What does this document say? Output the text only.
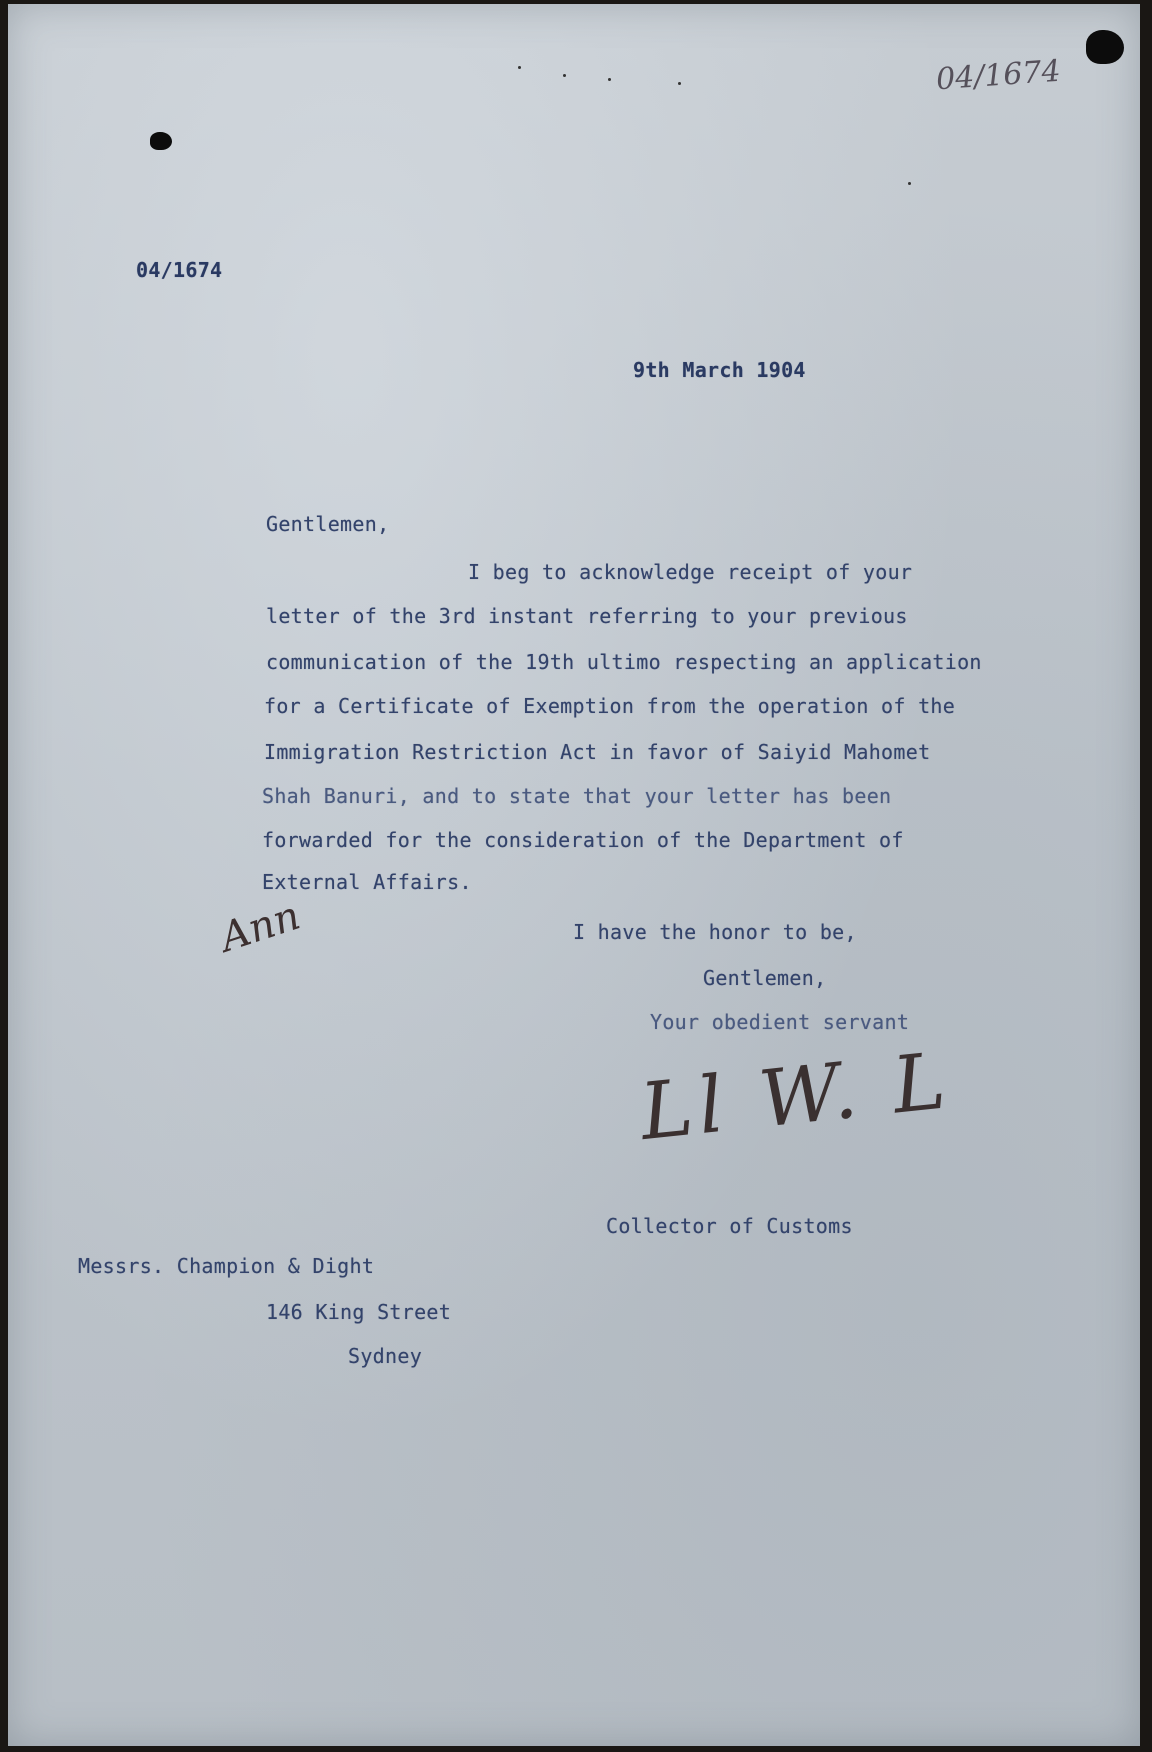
04/1674
04/1674
9th March 1904
Gentlemen,
I beg to acknowledge receipt of your
letter of the 3rd instant referring to your previous
communication of the 19th ultimo respecting an application
for a Certificate of Exemption from the operation of the
Immigration Restriction Act in favor of Saiyid Mahomet
Shah Banuri, and to state that your letter has been
forwarded for the consideration of the Department of
External Affairs.
Ann	I have the honor to be,
Gentlemen,
Your obedient servant
Ll W. L
Collector of Customs
Messrs. Champion & Dight
146 King Street
Sydney
